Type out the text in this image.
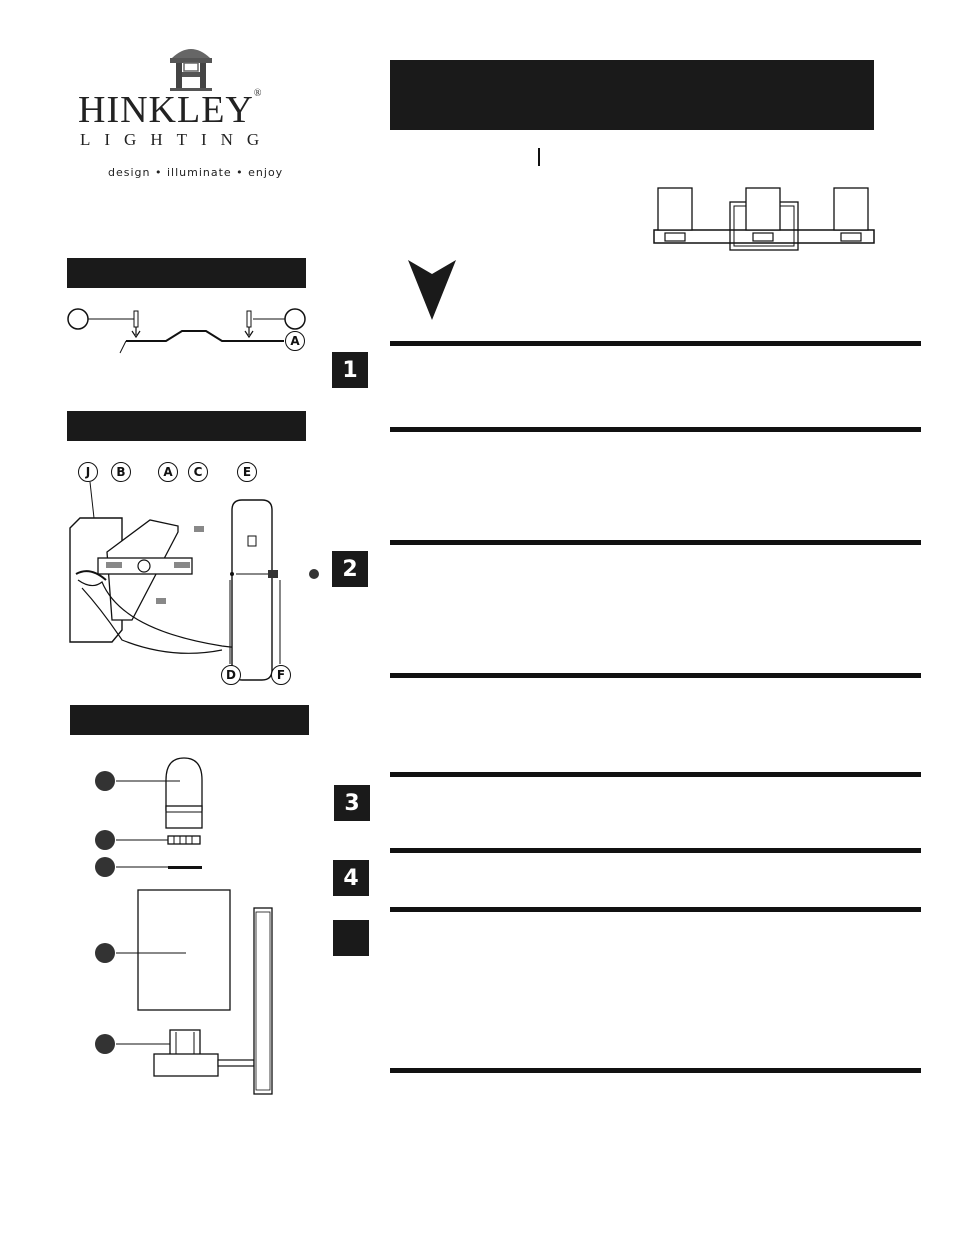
HINKLEY®
LIGHTING
design • illuminate • enjoy
A
J B	A C	E
D	F
1
2
3
4
